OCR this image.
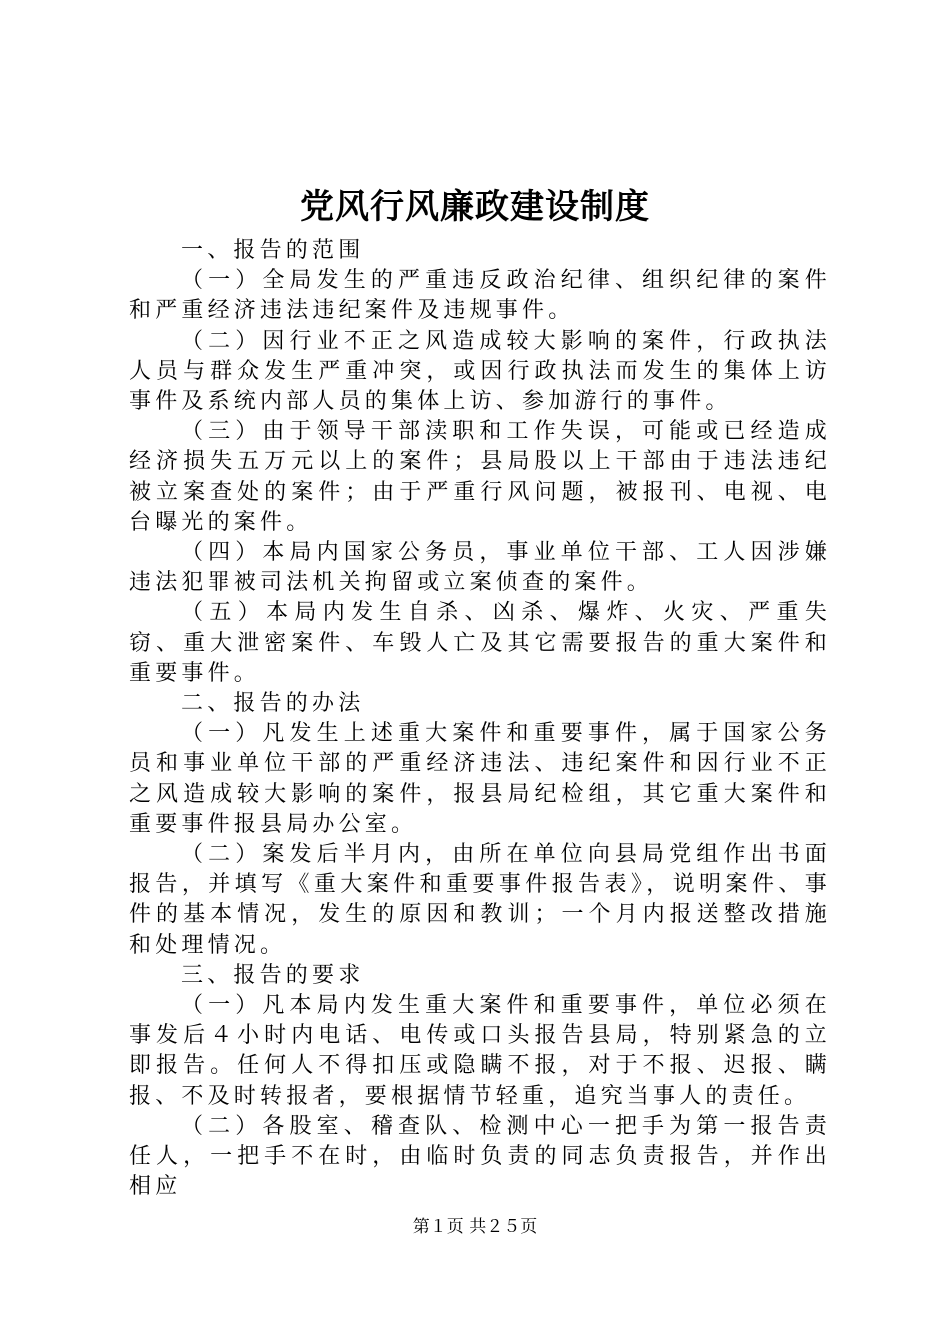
党风行风廉政建设制度

一、报告的范围

（一）全局发生的严重违反政治纪律、组织纪律的案件和严重经济违法违纪案件及违规事件。

（二）因行业不正之风造成较大影响的案件，行政执法人员与群众发生严重冲突，或因行政执法而发生的集体上访事件及系统内部人员的集体上访、参加游行的事件。

（三）由于领导干部渎职和工作失误，可能或已经造成经济损失五万元以上的案件；县局股以上干部由于违法违纪被立案查处的案件；由于严重行风问题，被报刊、电视、电台曝光的案件。

（四）本局内国家公务员，事业单位干部、工人因涉嫌违法犯罪被司法机关拘留或立案侦查的案件。

（五）本局内发生自杀、凶杀、爆炸、火灾、严重失窃、重大泄密案件、车毁人亡及其它需要报告的重大案件和重要事件。

二、报告的办法

（一）凡发生上述重大案件和重要事件，属于国家公务员和事业单位干部的严重经济违法、违纪案件和因行业不正之风造成较大影响的案件，报县局纪检组，其它重大案件和重要事件报县局办公室。

（二）案发后半月内，由所在单位向县局党组作出书面报告，并填写《重大案件和重要事件报告表》，说明案件、事件的基本情况，发生的原因和教训；一个月内报送整改措施和处理情况。

三、报告的要求

（一）凡本局内发生重大案件和重要事件，单位必须在事发后４小时内电话、电传或口头报告县局，特别紧急的立即报告。任何人不得扣压或隐瞒不报，对于不报、迟报、瞒报、不及时转报者，要根据情节轻重，追究当事人的责任。

（二）各股室、稽查队、检测中心一把手为第一报告责任人，一把手不在时，由临时负责的同志负责报告，并作出相应

第１页 共２５页
